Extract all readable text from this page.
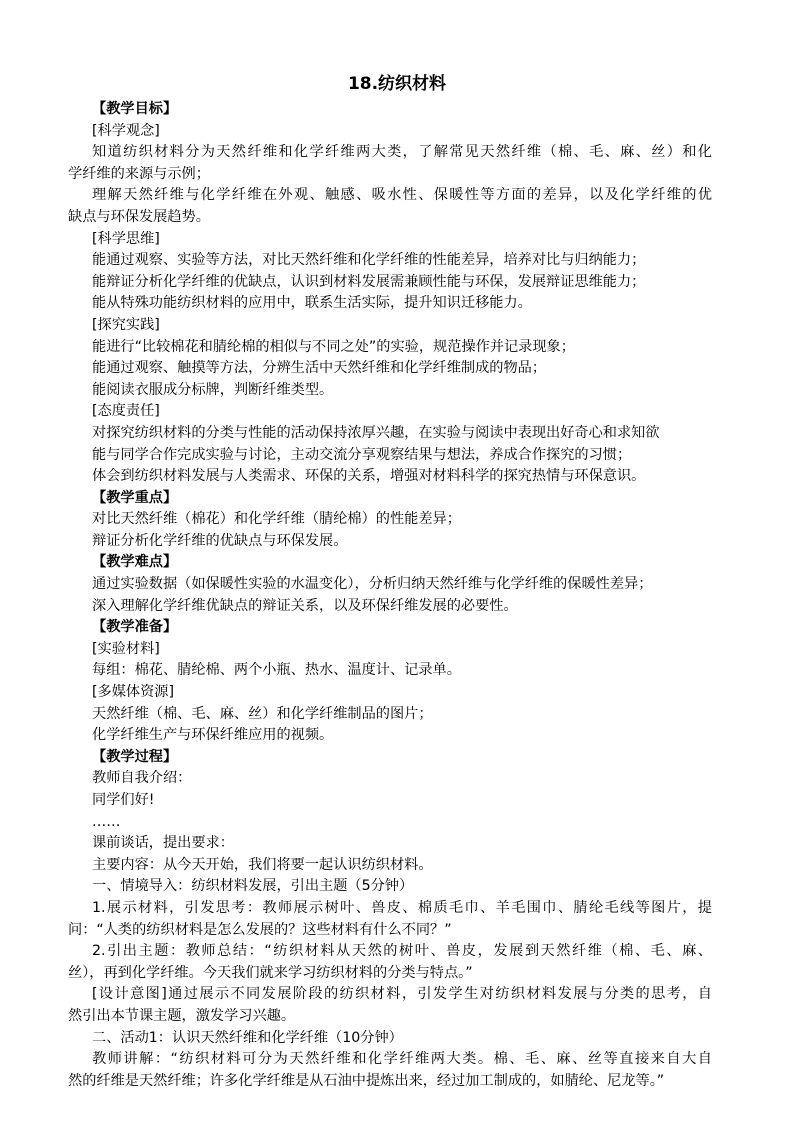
18.纺织材料
【教学目标】
[科学观念]
知道纺织材料分为天然纤维和化学纤维两大类，了解常见天然纤维（棉、毛、麻、丝）和化
学纤维的来源与示例；
理解天然纤维与化学纤维在外观、触感、吸水性、保暖性等方面的差异，以及化学纤维的优
缺点与环保发展趋势。
[科学思维]
能通过观察、实验等方法，对比天然纤维和化学纤维的性能差异，培养对比与归纳能力；
能辩证分析化学纤维的优缺点，认识到材料发展需兼顾性能与环保，发展辩证思维能力；
能从特殊功能纺织材料的应用中，联系生活实际，提升知识迁移能力。
[探究实践]
能进行“比较棉花和腈纶棉的相似与不同之处”的实验，规范操作并记录现象；
能通过观察、触摸等方法，分辨生活中天然纤维和化学纤维制成的物品；
能阅读衣服成分标牌，判断纤维类型。
[态度责任]
对探究纺织材料的分类与性能的活动保持浓厚兴趣，在实验与阅读中表现出好奇心和求知欲
能与同学合作完成实验与讨论，主动交流分享观察结果与想法，养成合作探究的习惯；
体会到纺织材料发展与人类需求、环保的关系，增强对材料科学的探究热情与环保意识。
【教学重点】
对比天然纤维（棉花）和化学纤维（腈纶棉）的性能差异；
辩证分析化学纤维的优缺点与环保发展。
【教学难点】
通过实验数据（如保暖性实验的水温变化），分析归纳天然纤维与化学纤维的保暖性差异；
深入理解化学纤维优缺点的辩证关系，以及环保纤维发展的必要性。
【教学准备】
[实验材料]
每组：棉花、腈纶棉、两个小瓶、热水、温度计、记录单。
[多媒体资源]
天然纤维（棉、毛、麻、丝）和化学纤维制品的图片；
化学纤维生产与环保纤维应用的视频。
【教学过程】
教师自我介绍：
同学们好!
……
课前谈话，提出要求：
主要内容：从今天开始，我们将要一起认识纺织材料。
一、情境导入：纺织材料发展，引出主题（5分钟）
1.展示材料，引发思考：教师展示树叶、兽皮、棉质毛巾、羊毛围巾、腈纶毛线等图片，提
问：“人类的纺织材料是怎么发展的？这些材料有什么不同？”
2.引出主题：教师总结：“纺织材料从天然的树叶、兽皮，发展到天然纤维（棉、毛、麻、
丝），再到化学纤维。今天我们就来学习纺织材料的分类与特点。”
[设计意图]通过展示不同发展阶段的纺织材料，引发学生对纺织材料发展与分类的思考，自
然引出本节课主题，激发学习兴趣。
二、活动1：认识天然纤维和化学纤维（10分钟）
教师讲解：“纺织材料可分为天然纤维和化学纤维两大类。棉、毛、麻、丝等直接来自大自
然的纤维是天然纤维；许多化学纤维是从石油中提炼出来，经过加工制成的，如腈纶、尼龙等。”
